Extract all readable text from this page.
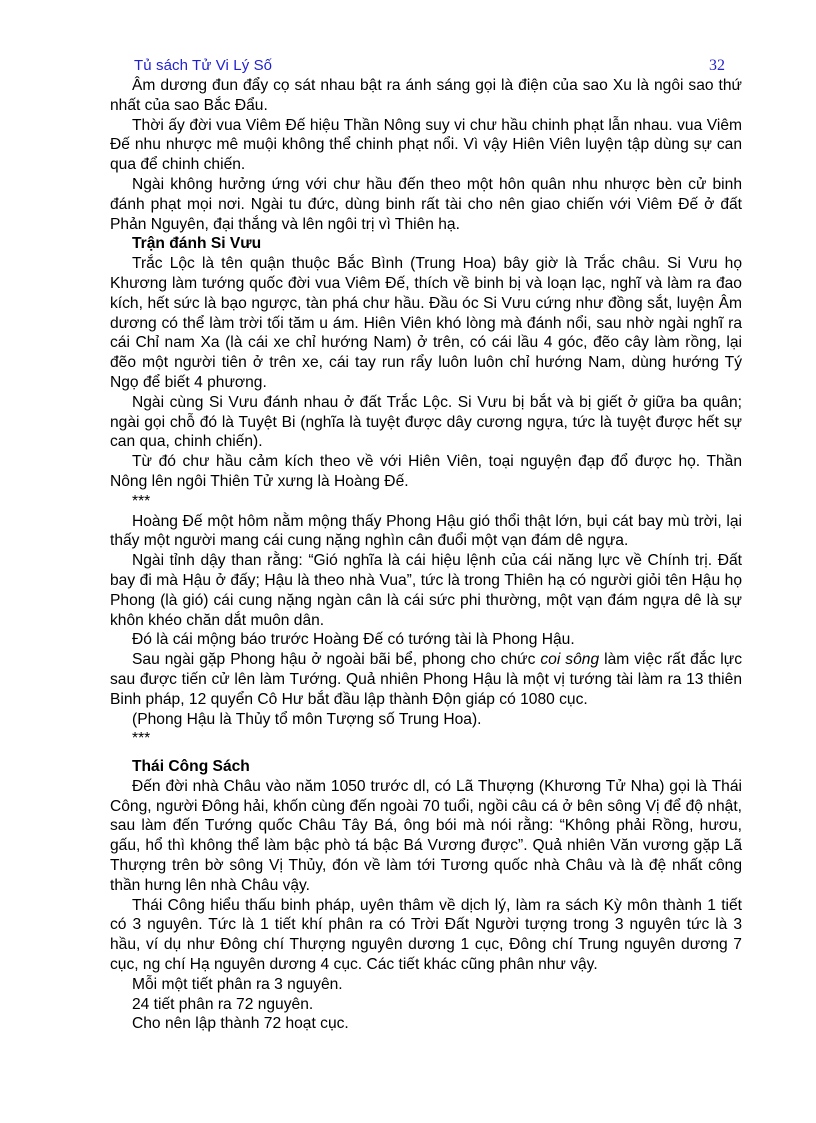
Tủ sách Tử Vi Lý Số	32

Âm dương đun đẩy cọ sát nhau bật ra ánh sáng gọi là điện của sao Xu là ngôi sao thứ nhất của sao Bắc Đẩu.

Thời ấy đời vua Viêm Đế hiệu Thần Nông suy vi chư hầu chinh phạt lẫn nhau. vua Viêm Đế nhu nhược mê muội không thể chinh phạt nổi. Vì vậy Hiên Viên luyện tập dùng sự can qua để chinh chiến.

Ngài không hưởng ứng với chư hầu đến theo một hôn quân nhu nhược bèn cử binh đánh phạt mọi nơi. Ngài tu đức, dùng binh rất tài cho nên giao chiến với Viêm Đế ở đất Phản Nguyên, đại thắng và lên ngôi trị vì Thiên hạ.

Trận đánh Si Vưu

Trắc Lộc là tên quận thuộc Bắc Bình (Trung Hoa) bây giờ là Trắc châu. Si Vưu họ Khương làm tướng quốc đời vua Viêm Đế, thích về binh bị và loạn lạc, nghĩ và làm ra đao kích, hết sức là bạo ngược, tàn phá chư hầu. Đầu óc Si Vưu cứng như đồng sắt, luyện Âm dương có thể làm trời tối tăm u ám. Hiên Viên khó lòng mà đánh nổi, sau nhờ ngài nghĩ ra cái Chỉ nam Xa (là cái xe chỉ hướng Nam) ở trên, có cái lầu 4 góc, đẽo cây làm rồng, lại đẽo một người tiên ở trên xe, cái tay run rẩy luôn luôn chỉ hướng Nam, dùng hướng Tý Ngọ để biết 4 phương.

Ngài cùng Si Vưu đánh nhau ở đất Trắc Lộc. Si Vưu bị bắt và bị giết ở giữa ba quân; ngài gọi chỗ đó là Tuyệt Bi (nghĩa là tuyệt được dây cương ngựa, tức là tuyệt được hết sự can qua, chinh chiến).

Từ đó chư hầu cảm kích theo về với Hiên Viên, toại nguyện đạp đổ được họ. Thần Nông lên ngôi Thiên Tử xưng là Hoàng Đế.

***

Hoàng Đế một hôm nằm mộng thấy Phong Hậu gió thổi thật lớn, bụi cát bay mù trời, lại thấy một người mang cái cung nặng nghìn cân đuổi một vạn đám dê ngựa.

Ngài tỉnh dậy than rằng: “Gió nghĩa là cái hiệu lệnh của cái năng lực về Chính trị. Đất bay đi mà Hậu ở đấy; Hậu là theo nhà Vua”, tức là trong Thiên hạ có người giỏi tên Hậu họ Phong (là gió) cái cung nặng ngàn cân là cái sức phi thường, một vạn đám ngựa dê là sự khôn khéo chăn dắt muôn dân.

Đó là cái mộng báo trước Hoàng Đế có tướng tài là Phong Hậu.

Sau ngài gặp Phong hậu ở ngoài bãi bể, phong cho chức coi sông làm việc rất đắc lực sau được tiến cử lên làm Tướng. Quả nhiên Phong Hậu là một vị tướng tài làm ra 13 thiên Binh pháp, 12 quyển Cô Hư bắt đầu lập thành Độn giáp có 1080 cục.

(Phong Hậu là Thủy tổ môn Tượng số Trung Hoa).

***

Thái Công Sách

Đến đời nhà Châu vào năm 1050 trước dl, có Lã Thượng (Khương Tử Nha) gọi là Thái Công, người Đông hải, khốn cùng đến ngoài 70 tuổi, ngồi câu cá ở bên sông Vị để độ nhật, sau làm đến Tướng quốc Châu Tây Bá, ông bói mà nói rằng: “Không phải Rồng, hươu, gấu, hổ thì không thể làm bậc phò tá bậc Bá Vương được”. Quả nhiên Văn vương gặp Lã Thượng trên bờ sông Vị Thủy, đón về làm tới Tương quốc nhà Châu và là đệ nhất công thần hưng lên nhà Châu vậy.

Thái Công hiểu thấu binh pháp, uyên thâm về dịch lý, làm ra sách Kỳ môn thành 1 tiết có 3 nguyên. Tức là 1 tiết khí phân ra có Trời Đất Người tượng trong 3 nguyên tức là 3 hầu, ví dụ như Đông chí Thượng nguyên dương 1 cục, Đông chí Trung nguyên dương 7 cục, ng chí Hạ nguyên dương 4 cục. Các tiết khác cũng phân như vậy.

Mỗi một tiết phân ra 3 nguyên.

24 tiết phân ra 72 nguyên.

Cho nên lập thành 72 hoạt cục.
